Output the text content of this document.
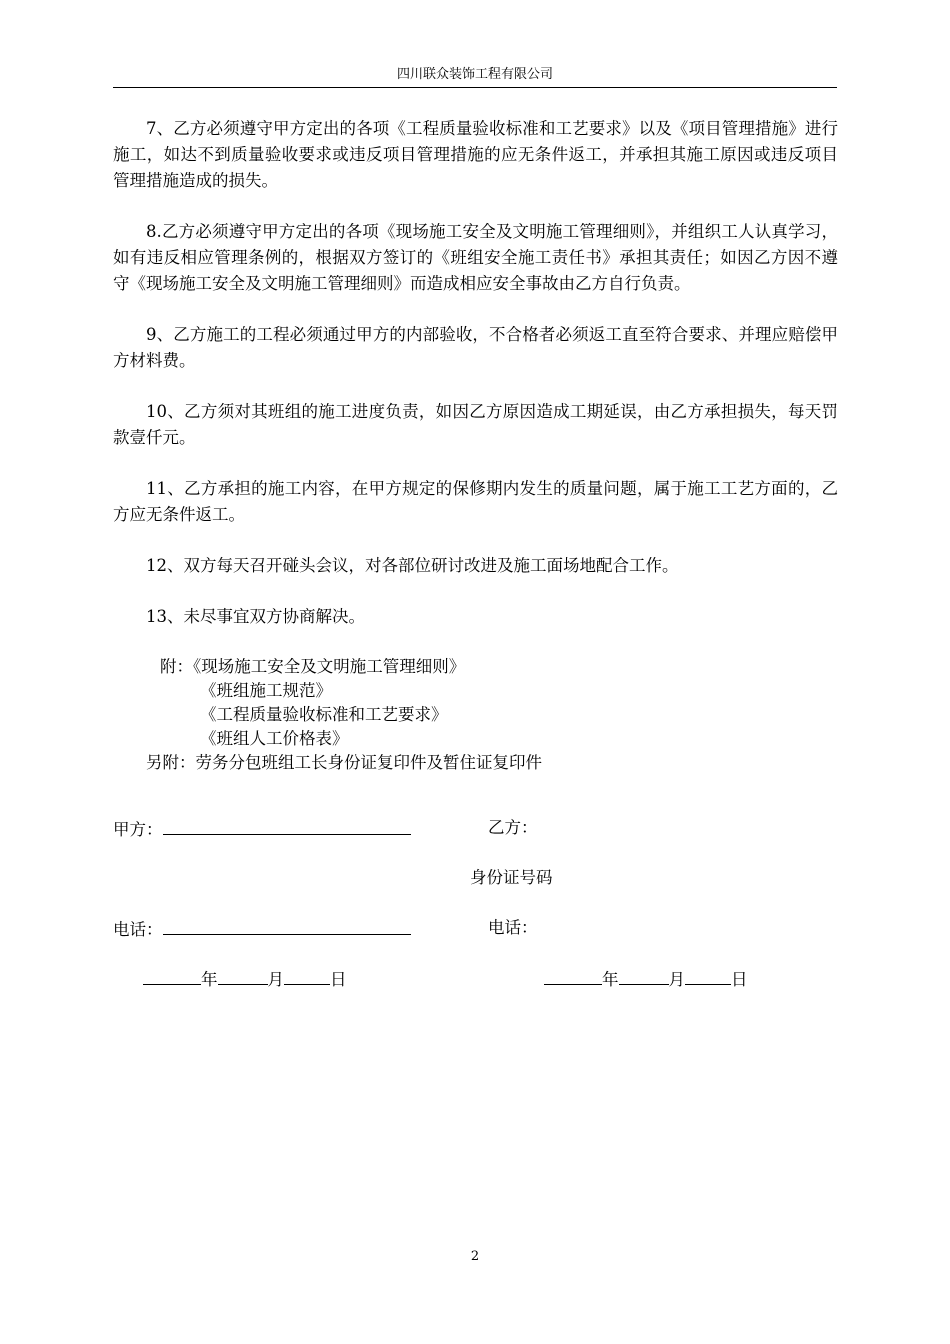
四川联众装饰工程有限公司

7、乙方必须遵守甲方定出的各项《工程质量验收标准和工艺要求》以及《项目管理措施》进行施工，如达不到质量验收要求或违反项目管理措施的应无条件返工，并承担其施工原因或违反项目管理措施造成的损失。

8.乙方必须遵守甲方定出的各项《现场施工安全及文明施工管理细则》，并组织工人认真学习，如有违反相应管理条例的，根据双方签订的《班组安全施工责任书》承担其责任；如因乙方因不遵守《现场施工安全及文明施工管理细则》而造成相应安全事故由乙方自行负责。

9、乙方施工的工程必须通过甲方的内部验收，不合格者必须返工直至符合要求、并理应赔偿甲方材料费。

10、乙方须对其班组的施工进度负责，如因乙方原因造成工期延误，由乙方承担损失，每天罚款壹仟元。

11、乙方承担的施工内容，在甲方规定的保修期内发生的质量问题，属于施工工艺方面的，乙方应无条件返工。

12、双方每天召开碰头会议，对各部位研讨改进及施工面场地配合工作。

13、未尽事宜双方协商解决。

附：《现场施工安全及文明施工管理细则》
《班组施工规范》
《工程质量验收标准和工艺要求》
《班组人工价格表》
另附：劳务分包班组工长身份证复印件及暂住证复印件
甲方：	乙方：
身份证号码
电话：	电话：
年	月	日	年	月	日
2
